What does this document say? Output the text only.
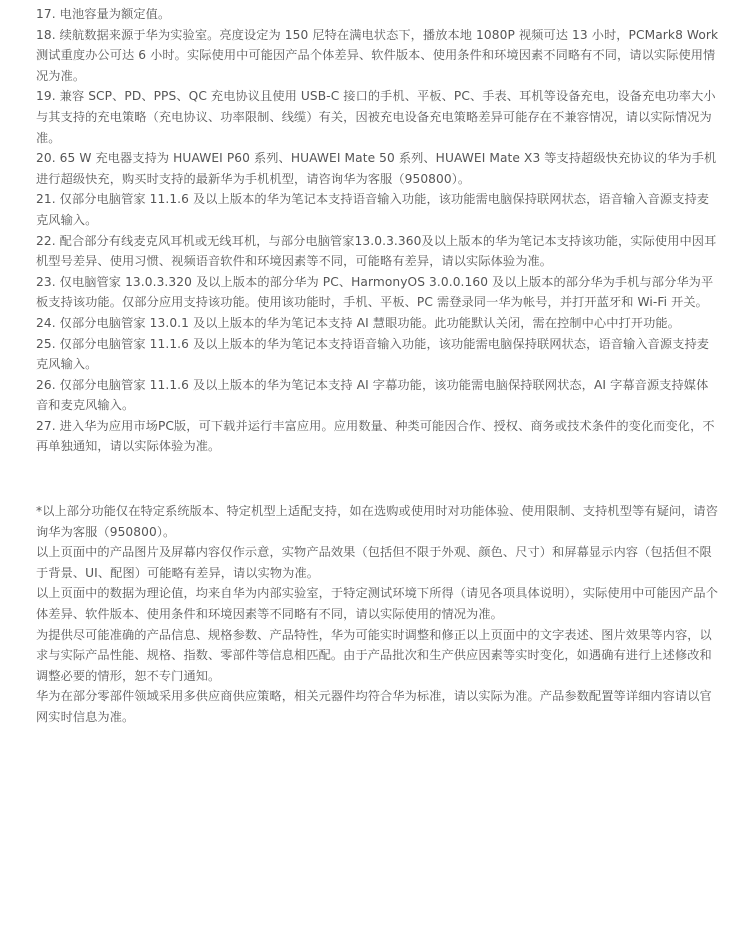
17. 电池容量为额定值。
18. 续航数据来源于华为实验室。亮度设定为 150 尼特在满电状态下，播放本地 1080P 视频可达 13 小时，PCMark8 Work 测试重度办公可达 6 小时。实际使用中可能因产品个体差异、软件版本、使用条件和环境因素不同略有不同，请以实际使用情况为准。
19. 兼容 SCP、PD、PPS、QC 充电协议且使用 USB-C 接口的手机、平板、PC、手表、耳机等设备充电，设备充电功率大小与其支持的充电策略（充电协议、功率限制、线缆）有关，因被充电设备充电策略差异可能存在不兼容情况，请以实际情况为准。
20. 65 W 充电器支持为 HUAWEI P60 系列、HUAWEI Mate 50 系列、HUAWEI Mate X3 等支持超级快充协议的华为手机进行超级快充，购买时支持的最新华为手机机型，请咨询华为客服（950800）。
21. 仅部分电脑管家 11.1.6 及以上版本的华为笔记本支持语音输入功能，该功能需电脑保持联网状态，语音输入音源支持麦克风输入。
22. 配合部分有线麦克风耳机或无线耳机，与部分电脑管家13.0.3.360及以上版本的华为笔记本支持该功能，实际使用中因耳机型号差异、使用习惯、视频语音软件和环境因素等不同，可能略有差异，请以实际体验为准。
23. 仅电脑管家 13.0.3.320 及以上版本的部分华为 PC、HarmonyOS 3.0.0.160 及以上版本的部分华为手机与部分华为平板支持该功能。仅部分应用支持该功能。使用该功能时，手机、平板、PC 需登录同一华为帐号，并打开蓝牙和 Wi-Fi 开关。
24. 仅部分电脑管家 13.0.1 及以上版本的华为笔记本支持 AI 慧眼功能。此功能默认关闭，需在控制中心中打开功能。
25. 仅部分电脑管家 11.1.6 及以上版本的华为笔记本支持语音输入功能，该功能需电脑保持联网状态，语音输入音源支持麦克风输入。
26. 仅部分电脑管家 11.1.6 及以上版本的华为笔记本支持 AI 字幕功能，该功能需电脑保持联网状态，AI 字幕音源支持媒体音和麦克风输入。
27. 进入华为应用市场PC版，可下载并运行丰富应用。应用数量、种类可能因合作、授权、商务或技术条件的变化而变化，不再单独通知，请以实际体验为准。
*以上部分功能仅在特定系统版本、特定机型上适配支持，如在选购或使用时对功能体验、使用限制、支持机型等有疑问，请咨询华为客服（950800）。
以上页面中的产品图片及屏幕内容仅作示意，实物产品效果（包括但不限于外观、颜色、尺寸）和屏幕显示内容（包括但不限于背景、UI、配图）可能略有差异，请以实物为准。
以上页面中的数据为理论值，均来自华为内部实验室，于特定测试环境下所得（请见各项具体说明），实际使用中可能因产品个体差异、软件版本、使用条件和环境因素等不同略有不同，请以实际使用的情况为准。
为提供尽可能准确的产品信息、规格参数、产品特性，华为可能实时调整和修正以上页面中的文字表述、图片效果等内容，以求与实际产品性能、规格、指数、零部件等信息相匹配。由于产品批次和生产供应因素等实时变化，如遇确有进行上述修改和调整必要的情形，恕不专门通知。
华为在部分零部件领域采用多供应商供应策略，相关元器件均符合华为标准，请以实际为准。产品参数配置等详细内容请以官网实时信息为准。
